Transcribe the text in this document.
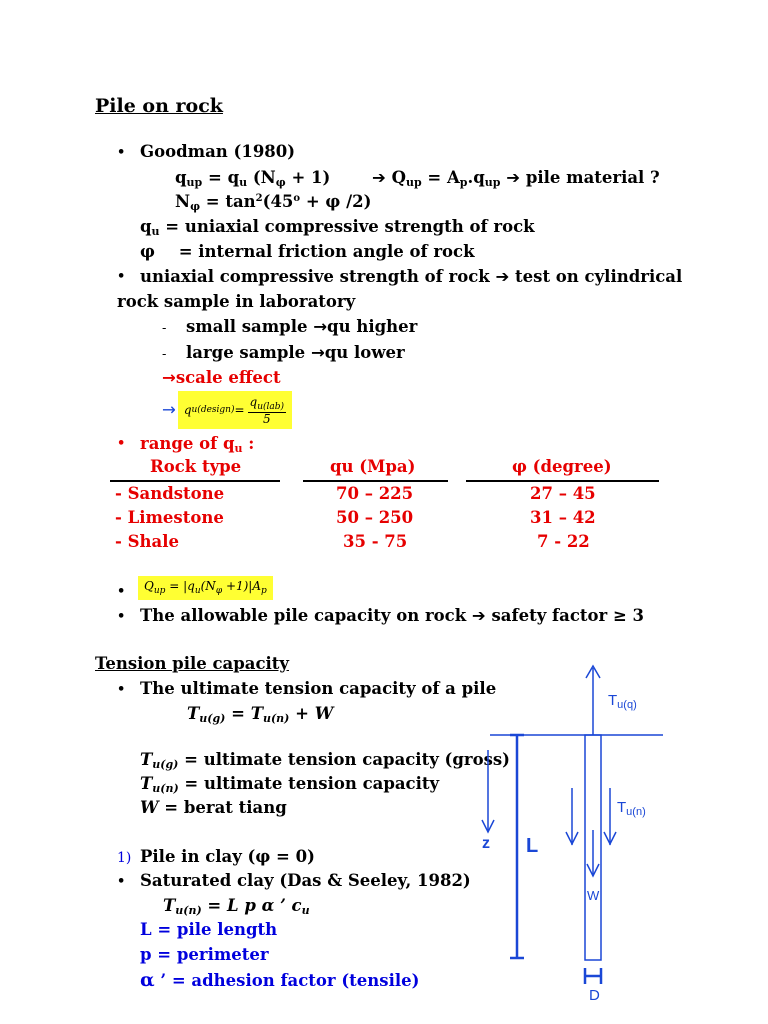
Pile on rock
• Goodman (1980)
$q_{up} = q_u$ $(N_\varphi + 1)$	➔ $Q_{up} = A_p.q_{up}$ ➔ pile material ?
$N_\varphi = \tan^2(45^o + \varphi$ /2)
$q_u$ = uniaxial compressive strength of rock
φ = internal friction angle of rock
• uniaxial compressive strength of rock ➔ test on cylindrical
rock sample in laboratory
- small sample →qu higher
- large sample →qu lower
→scale effect
→ q u(design) =
$q_{u(lab)}$
5
• range of $q_u$ :
Rock type	qu (Mpa)	φ (degree)
- Sandstone	70 – 225	27 – 45
- Limestone	50 – 250	31 – 42
- Shale	35 - 75	7 - 22
•	$Q_{up} = |q_u(N_\varphi +1)|A_p$
• The allowable pile capacity on rock ➔ safety factor ≥ 3
Tension pile capacity
• The ultimate tension capacity of a pile
$T_{u(g)} = T_{u(n)} + W$
$T_{u(g)}$ = ultimate tension capacity (gross)
$T_{u(n)}$ = ultimate tension capacity
W = berat tiang
1) Pile in clay (φ = 0)
• Saturated clay (Das & Seeley, 1982)
$T_{u(n)} = L$ p α ’ $c_u$
L = pile length
p = perimeter
α ’ = adhesion factor (tensile)
$T_{u(q)}$
$T_{u(n)}$
z L
W
D
